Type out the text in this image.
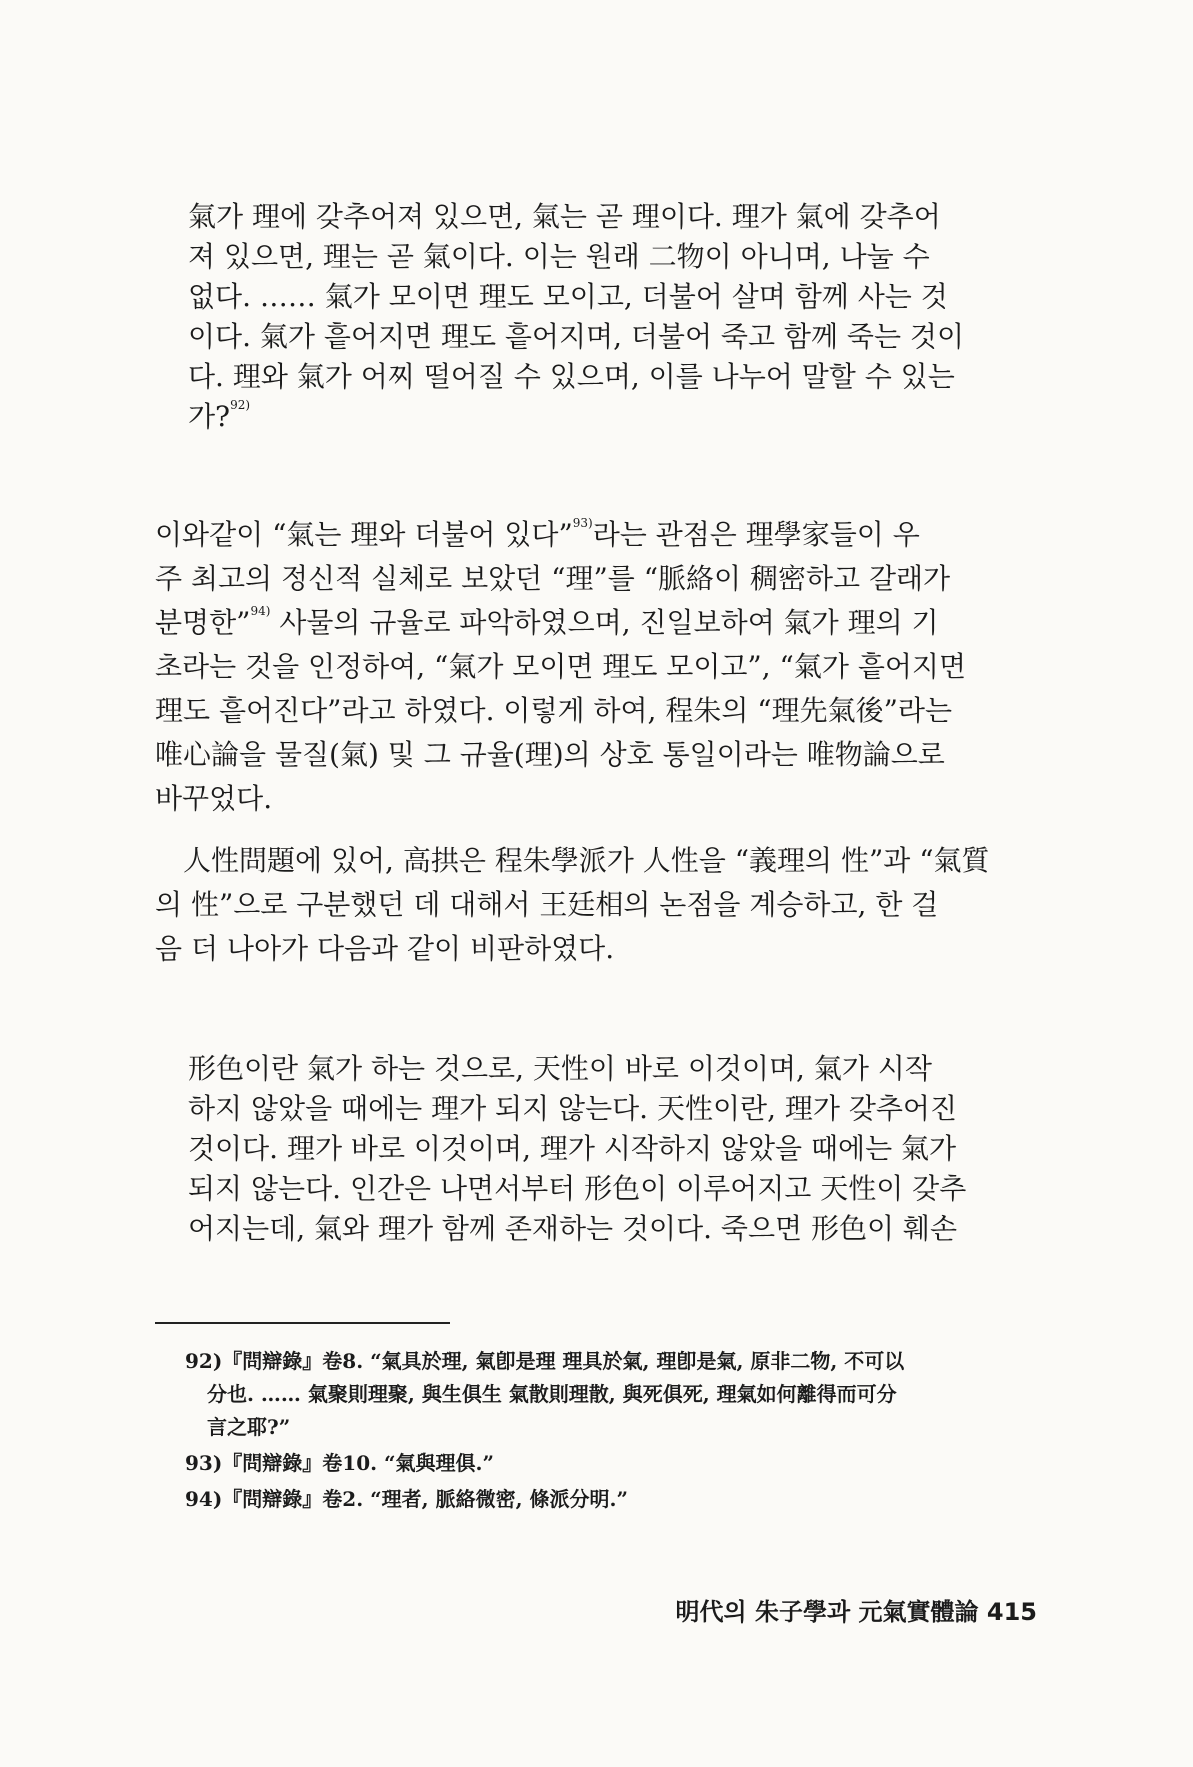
氣가 理에 갖추어져 있으면, 氣는 곧 理이다. 理가 氣에 갖추어
져 있으면, 理는 곧 氣이다. 이는 원래 二物이 아니며, 나눌 수
없다. …… 氣가 모이면 理도 모이고, 더불어 살며 함께 사는 것
이다. 氣가 흩어지면 理도 흩어지며, 더불어 죽고 함께 죽는 것이
다. 理와 氣가 어찌 떨어질 수 있으며, 이를 나누어 말할 수 있는
가?$^{92)}$
이와같이 “氣는 理와 더불어 있다”$^{93)}$라는 관점은 理學家들이 우
주 최고의 정신적 실체로 보았던 “理”를 “脈絡이 稠密하고 갈래가
분명한”$^{94)}$ 사물의 규율로 파악하였으며, 진일보하여 氣가 理의 기
초라는 것을 인정하여, “氣가 모이면 理도 모이고”, “氣가 흩어지면
理도 흩어진다”라고 하였다. 이렇게 하여, 程朱의 “理先氣後”라는
唯心論을 물질(氣) 및 그 규율(理)의 상호 통일이라는 唯物論으로
바꾸었다.
人性問題에 있어, 高拱은 程朱學派가 人性을 “義理의 性”과 “氣質
의 性”으로 구분했던 데 대해서 王廷相의 논점을 계승하고, 한 걸
음 더 나아가 다음과 같이 비판하였다.
形色이란 氣가 하는 것으로, 天性이 바로 이것이며, 氣가 시작
하지 않았을 때에는 理가 되지 않는다. 天性이란, 理가 갖추어진
것이다. 理가 바로 이것이며, 理가 시작하지 않았을 때에는 氣가
되지 않는다. 인간은 나면서부터 形色이 이루어지고 天性이 갖추
어지는데, 氣와 理가 함께 존재하는 것이다. 죽으면 形色이 훼손
92)『問辯錄』卷8. “氣具於理, 氣卽是理 理具於氣, 理卽是氣, 原非二物, 不可以
分也. …… 氣聚則理聚, 與生俱生 氣散則理散, 與死俱死, 理氣如何離得而可分
言之耶?”
93)『問辯錄』卷10. “氣與理俱.”
94)『問辯錄』卷2. “理者, 脈絡微密, 條派分明.”
明代의 朱子學과 元氣實體論 415
